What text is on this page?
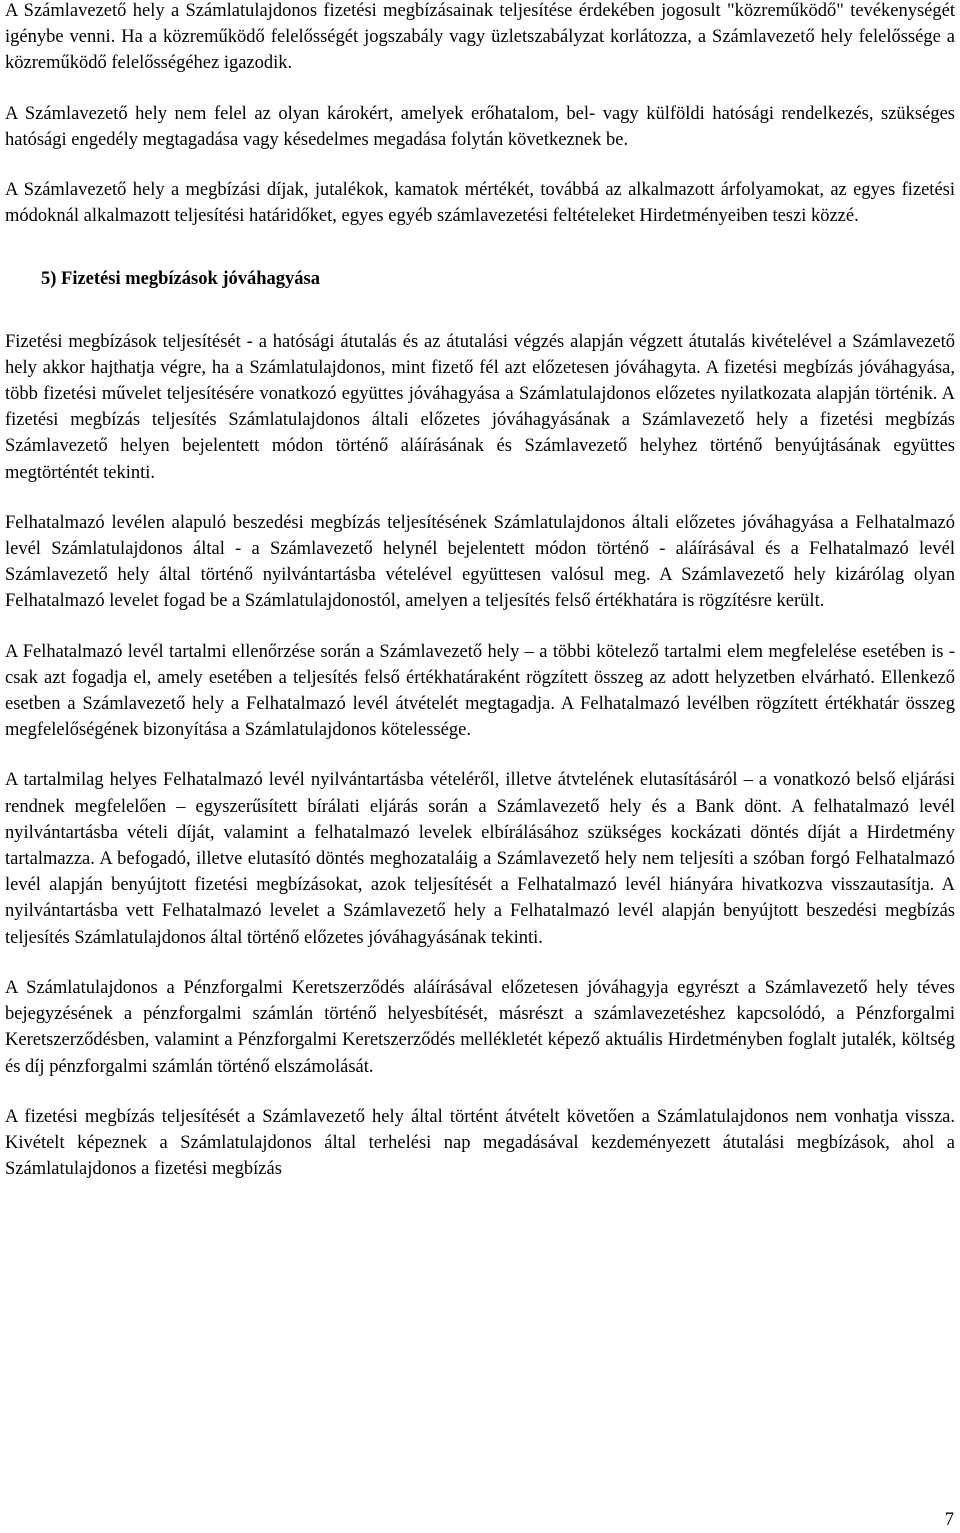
A Számlavezető hely a Számlatulajdonos fizetési megbízásainak teljesítése érdekében jogosult "közreműködő" tevékenységét igénybe venni. Ha a közreműködő felelősségét jogszabály vagy üzletszabályzat korlátozza, a Számlavezető hely felelőssége a közreműködő felelősségéhez igazodik.

A Számlavezető hely nem felel az olyan károkért, amelyek erőhatalom, bel- vagy külföldi hatósági rendelkezés, szükséges hatósági engedély megtagadása vagy késedelmes megadása folytán következnek be.

A Számlavezető hely a megbízási díjak, jutalékok, kamatok mértékét, továbbá az alkalmazott árfolyamokat, az egyes fizetési módoknál alkalmazott teljesítési határidőket, egyes egyéb számlavezetési feltételeket Hirdetményeiben teszi közzé.

5) Fizetési megbízások jóváhagyása

Fizetési megbízások teljesítését - a hatósági átutalás és az átutalási végzés alapján végzett átutalás kivételével a Számlavezető hely akkor hajthatja végre, ha a Számlatulajdonos, mint fizető fél azt előzetesen jóváhagyta. A fizetési megbízás jóváhagyása, több fizetési művelet teljesítésére vonatkozó együttes jóváhagyása a Számlatulajdonos előzetes nyilatkozata alapján történik. A fizetési megbízás teljesítés Számlatulajdonos általi előzetes jóváhagyásának a Számlavezető hely a fizetési megbízás Számlavezető helyen bejelentett módon történő aláírásának és Számlavezető helyhez történő benyújtásának együttes megtörténtét tekinti.

Felhatalmazó levélen alapuló beszedési megbízás teljesítésének Számlatulajdonos általi előzetes jóváhagyása a Felhatalmazó levél Számlatulajdonos által - a Számlavezető helynél bejelentett módon történő - aláírásával és a Felhatalmazó levél Számlavezető hely által történő nyilvántartásba vételével együttesen valósul meg. A Számlavezető hely kizárólag olyan Felhatalmazó levelet fogad be a Számlatulajdonostól, amelyen a teljesítés felső értékhatára is rögzítésre került.

A Felhatalmazó levél tartalmi ellenőrzése során a Számlavezető hely – a többi kötelező tartalmi elem megfelelése esetében is - csak azt fogadja el, amely esetében a teljesítés felső értékhatáraként rögzített összeg az adott helyzetben elvárható. Ellenkező esetben a Számlavezető hely a Felhatalmazó levél átvételét megtagadja. A Felhatalmazó levélben rögzített értékhatár összeg megfelelőségének bizonyítása a Számlatulajdonos kötelessége.

A tartalmilag helyes Felhatalmazó levél nyilvántartásba vételéről, illetve átvtelének elutasításáról – a vonatkozó belső eljárási rendnek megfelelően – egyszerűsített bírálati eljárás során a Számlavezető hely és a Bank dönt. A felhatalmazó levél nyilvántartásba vételi díját, valamint a felhatalmazó levelek elbírálásához szükséges kockázati döntés díját a Hirdetmény tartalmazza. A befogadó, illetve elutasító döntés meghozataláig a Számlavezető hely nem teljesíti a szóban forgó Felhatalmazó levél alapján benyújtott fizetési megbízásokat, azok teljesítését a Felhatalmazó levél hiányára hivatkozva visszautasítja. A nyilvántartásba vett Felhatalmazó levelet a Számlavezető hely a Felhatalmazó levél alapján benyújtott beszedési megbízás teljesítés Számlatulajdonos által történő előzetes jóváhagyásának tekinti.

A Számlatulajdonos a Pénzforgalmi Keretszerződés aláírásával előzetesen jóváhagyja egyrészt a Számlavezető hely téves bejegyzésének a pénzforgalmi számlán történő helyesbítését, másrészt a számlavezetéshez kapcsolódó, a Pénzforgalmi Keretszerződésben, valamint a Pénzforgalmi Keretszerződés mellékletét képező aktuális Hirdetményben foglalt jutalék, költség és díj pénzforgalmi számlán történő elszámolását.

A fizetési megbízás teljesítését a Számlavezető hely által történt átvételt követően a Számlatulajdonos nem vonhatja vissza. Kivételt képeznek a Számlatulajdonos által terhelési nap megadásával kezdeményezett átutalási megbízások, ahol a Számlatulajdonos a fizetési megbízás

7
